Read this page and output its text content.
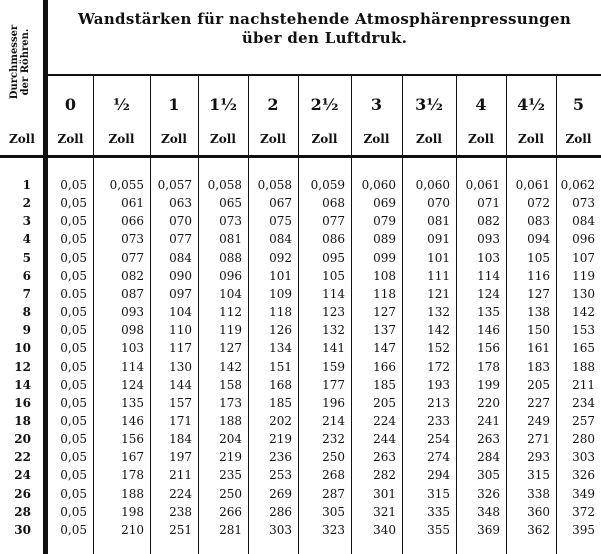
Durchmesser
der Röhren.
Wandstärken für nachstehende Atmosphärenpressungen
über den Luftdruk.
0
Zoll
½
Zoll
1
Zoll
1½
Zoll
2
Zoll
2½
Zoll
3
Zoll
3½
Zoll
4
Zoll
4½
Zoll
5
Zoll
Zoll
1	0,05	0,055	0,057	0,058	0,058	0,059	0,060	0,060	0,061	0,061 0,062
2	0,05	061	063	065	067	068	069	070	071	072	073
3	0,05	066	070	073	075	077	079	081	082	083	084
4	0,05	073	077	081	084	086	089	091	093	094	096
5	0,05	077	084	088	092	095	099	101	103	105	107
6	0,05	082	090	096	101	105	108	111	114	116	119
7	0.05	087	097	104	109	114	118	121	124	127	130
8	0,05	093	104	112	118	123	127	132	135	138	142
9	0,05	098	110	119	126	132	137	142	146	150	153
10	0,05	103	117	127	134	141	147	152	156	161	165
12	0,05	114	130	142	151	159	166	172	178	183	188
14	0,05	124	144	158	168	177	185	193	199	205	211
16	0,05	135	157	173	185	196	205	213	220	227	234
18	0,05	146	171	188	202	214	224	233	241	249	257
20	0,05	156	184	204	219	232	244	254	263	271	280
22	0,05	167	197	219	236	250	263	274	284	293	303
24	0,05	178	211	235	253	268	282	294	305	315	326
26	0,05	188	224	250	269	287	301	315	326	338	349
28	0,05	198	238	266	286	305	321	335	348	360	372
30	0,05	210	251	281	303	323	340	355	369	362	395
